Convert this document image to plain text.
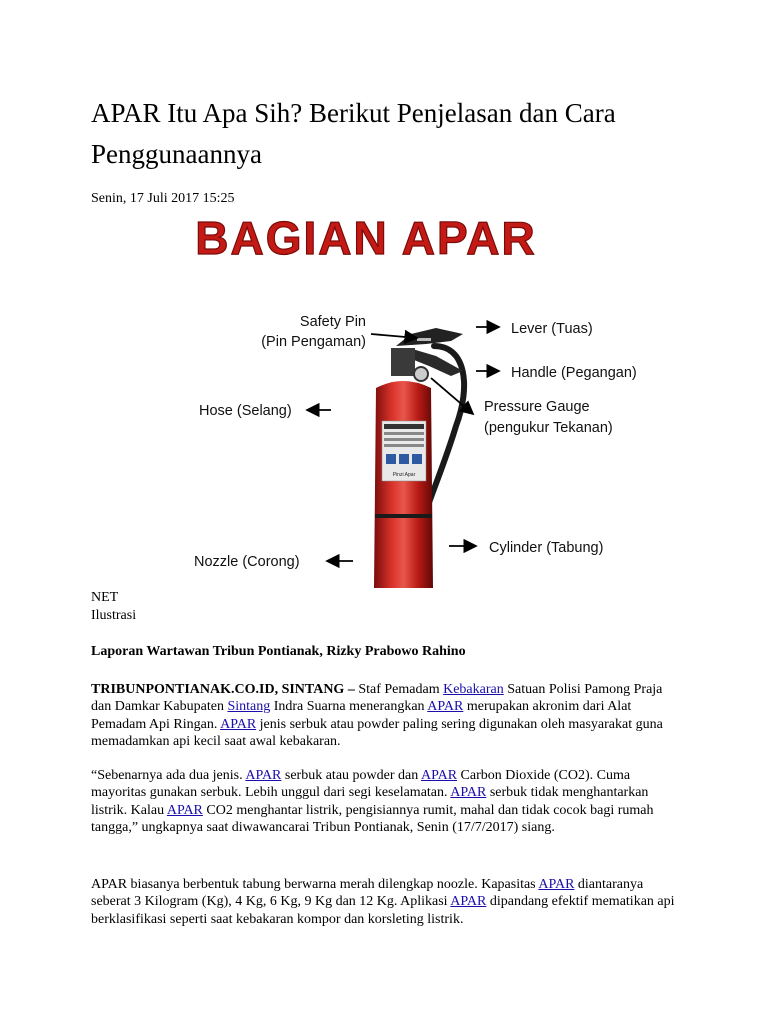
APAR Itu Apa Sih? Berikut Penjelasan dan Cara Penggunaannya
Senin, 17 Juli 2017 15:25
BAGIAN APAR
Pinzi Apar
Safety Pin
(Pin Pengaman)
Lever (Tuas)
Handle (Pegangan)
Hose (Selang)	Pressure Gauge
(pengukur Tekanan)
Cylinder (Tabung)
Nozzle (Corong)
NET
Ilustrasi
Laporan Wartawan Tribun Pontianak, Rizky Prabowo Rahino

TRIBUNPONTIANAK.CO.ID, SINTANG – Staf Pemadam Kebakaran Satuan Polisi Pamong Praja dan Damkar Kabupaten Sintang Indra Suarna menerangkan APAR merupakan akronim dari Alat Pemadam Api Ringan. APAR jenis serbuk atau powder paling sering digunakan oleh masyarakat guna memadamkan api kecil saat awal kebakaran.

“Sebenarnya ada dua jenis. APAR serbuk atau powder dan APAR Carbon Dioxide (CO2). Cuma mayoritas gunakan serbuk. Lebih unggul dari segi keselamatan. APAR serbuk tidak menghantarkan listrik. Kalau APAR CO2 menghantar listrik, pengisiannya rumit, mahal dan tidak cocok bagi rumah tangga,” ungkapnya saat diwawancarai Tribun Pontianak, Senin (17/7/2017) siang.

APAR biasanya berbentuk tabung berwarna merah dilengkap noozle. Kapasitas APAR diantaranya seberat 3 Kilogram (Kg), 4 Kg, 6 Kg, 9 Kg dan 12 Kg. Aplikasi APAR dipandang efektif mematikan api berklasifikasi seperti saat kebakaran kompor dan korsleting listrik.
